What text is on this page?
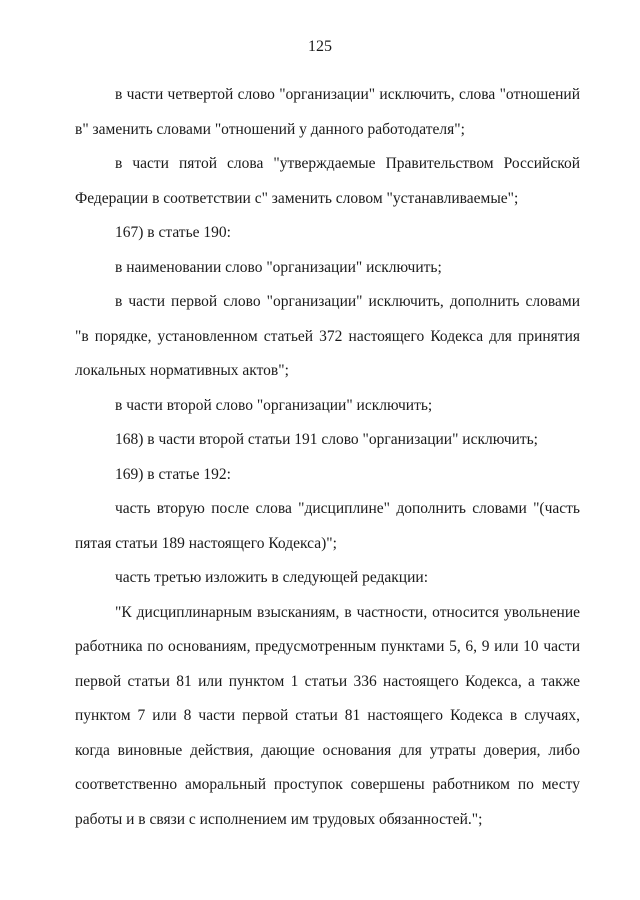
125

в части четвертой слово "организации" исключить, слова "отношений в" заменить словами "отношений у данного работодателя";

в части пятой слова "утверждаемые Правительством Российской Федерации в соответствии с" заменить словом "устанавливаемые";

167) в статье 190:

в наименовании слово "организации" исключить;

в части первой слово "организации" исключить, дополнить словами "в порядке, установленном статьей 372 настоящего Кодекса для принятия локальных нормативных актов";

в части второй слово "организации" исключить;

168) в части второй статьи 191 слово "организации" исключить;

169) в статье 192:

часть вторую после слова "дисциплине" дополнить словами "(часть пятая статьи 189 настоящего Кодекса)";

часть третью изложить в следующей редакции:

"К дисциплинарным взысканиям, в частности, относится увольнение работника по основаниям, предусмотренным пунктами 5, 6, 9 или 10 части первой статьи 81 или пунктом 1 статьи 336 настоящего Кодекса, а также пунктом 7 или 8 части первой статьи 81 настоящего Кодекса в случаях, когда виновные действия, дающие основания для утраты доверия, либо соответственно аморальный проступок совершены работником по месту работы и в связи с исполнением им трудовых обязанностей.";
